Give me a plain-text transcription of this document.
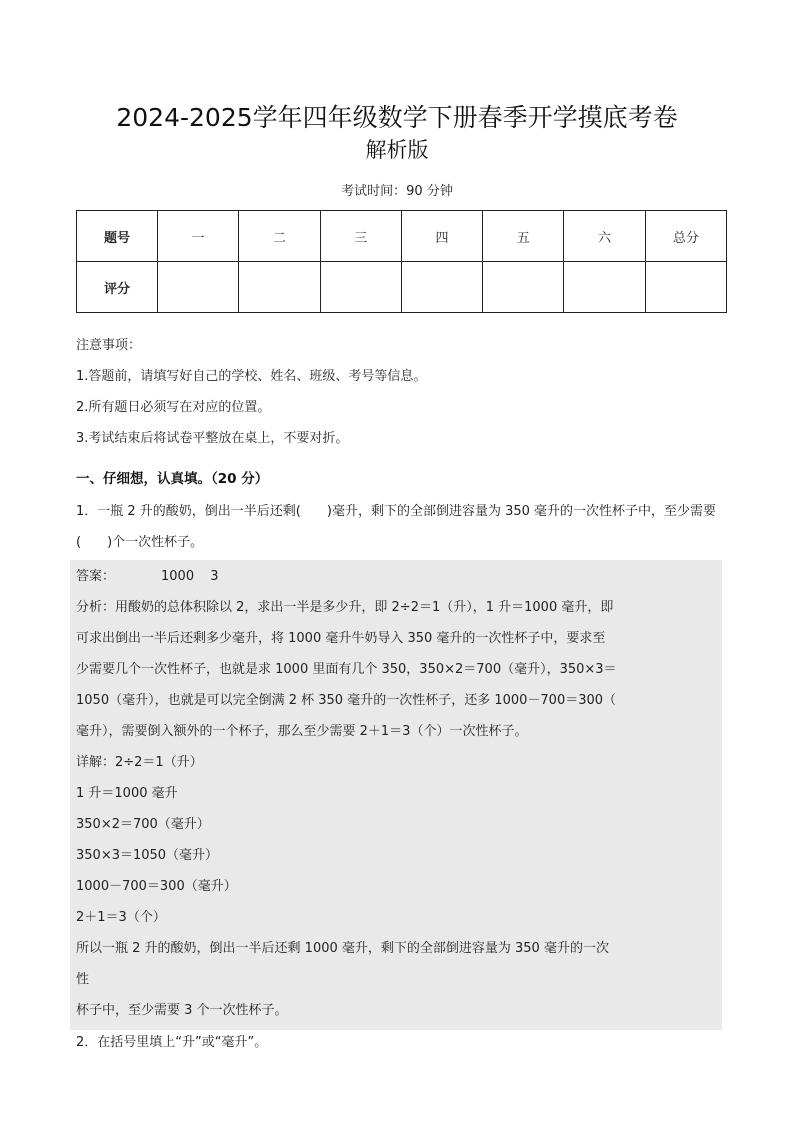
2024-2025学年四年级数学下册春季开学摸底考卷
解析版
考试时间：90 分钟
题号	一	二	三	四	五	六	总分
评分							
注意事项：
1.答题前，请填写好自己的学校、姓名、班级、考号等信息。
2.所有题日必须写在对应的位置。
3.考试结束后将试卷平整放在桌上，不要对折。
一、仔细想，认真填。（20 分）
1．一瓶 2 升的酸奶，倒出一半后还剩(　　)毫升，剩下的全部倒进容量为 350 毫升的一次性杯子中，至少需要(　　)个一次性杯子。
答案：	1000 3
分析：用酸奶的总体积除以 2，求出一半是多少升，即 2÷2＝1（升），1 升＝1000 毫升，即
可求出倒出一半后还剩多少毫升，将 1000 毫升牛奶导入 350 毫升的一次性杯子中，要求至
少需要几个一次性杯子，也就是求 1000 里面有几个 350，350×2＝700（毫升），350×3＝
1050（毫升），也就是可以完全倒满 2 杯 350 毫升的一次性杯子，还多 1000－700＝300（
毫升），需要倒入额外的一个杯子，那么至少需要 2＋1＝3（个）一次性杯子。
详解：2÷2＝1（升）
1 升＝1000 毫升
350×2＝700（毫升）
350×3＝1050（毫升）
1000－700＝300（毫升）
2＋1＝3（个）
所以一瓶 2 升的酸奶，倒出一半后还剩 1000 毫升，剩下的全部倒进容量为 350 毫升的一次
性
杯子中，至少需要 3 个一次性杯子。
2．在括号里填上“升”或“毫升”。
